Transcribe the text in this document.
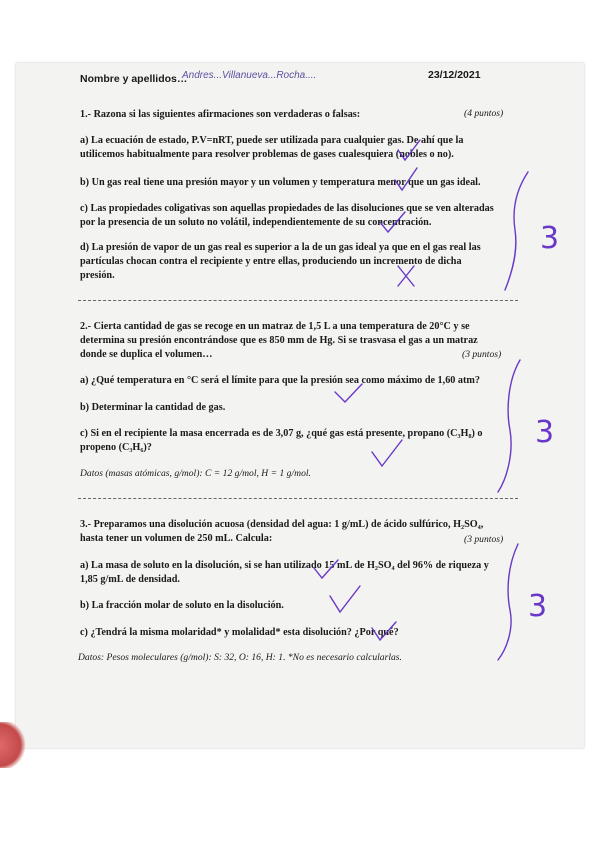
Nombre y apellidos…
Andres...Villanueva...Rocha....	23/12/2021
1.- Razona si las siguientes afirmaciones son verdaderas o falsas:	(4 puntos)
a) La ecuación de estado, P.V=nRT, puede ser utilizada para cualquier gas. De ahí que la
utilicemos habitualmente para resolver problemas de gases cualesquiera (nobles o no).
b) Un gas real tiene una presión mayor y un volumen y temperatura menor que un gas ideal.
c) Las propiedades coligativas son aquellas propiedades de las disoluciones que se ven alteradas
por la presencia de un soluto no volátil, independientemente de su concentración.
d) La presión de vapor de un gas real es superior a la de un gas ideal ya que en el gas real las
partículas chocan contra el recipiente y entre ellas, produciendo un incremento de dicha
presión.
2.- Cierta cantidad de gas se recoge en un matraz de 1,5 L a una temperatura de 20°C y se
determina su presión encontrándose que es 850 mm de Hg. Si se trasvasa el gas a un matraz
donde se duplica el volumen…	(3 puntos)
a) ¿Qué temperatura en °C será el límite para que la presión sea como máximo de 1,60 atm?
b) Determinar la cantidad de gas.
c) Si en el recipiente la masa encerrada es de 3,07 g, ¿qué gas está presente, propano (C₃H₈) o
propeno (C₃H₆)?
Datos (masas atómicas, g/mol): C = 12 g/mol, H = 1 g/mol.
3.- Preparamos una disolución acuosa (densidad del agua: 1 g/mL) de ácido sulfúrico, H₂SO₄,
hasta tener un volumen de 250 mL. Calcula:	(3 puntos)
a) La masa de soluto en la disolución, si se han utilizado 15 mL de H₂SO₄ del 96% de riqueza y
1,85 g/mL de densidad.
b) La fracción molar de soluto en la disolución.
c) ¿Tendrá la misma molaridad* y molalidad* esta disolución? ¿Por qué?
Datos: Pesos moleculares (g/mol): S: 32, O: 16, H: 1. *No es necesario calcularlas.
3
3
3
